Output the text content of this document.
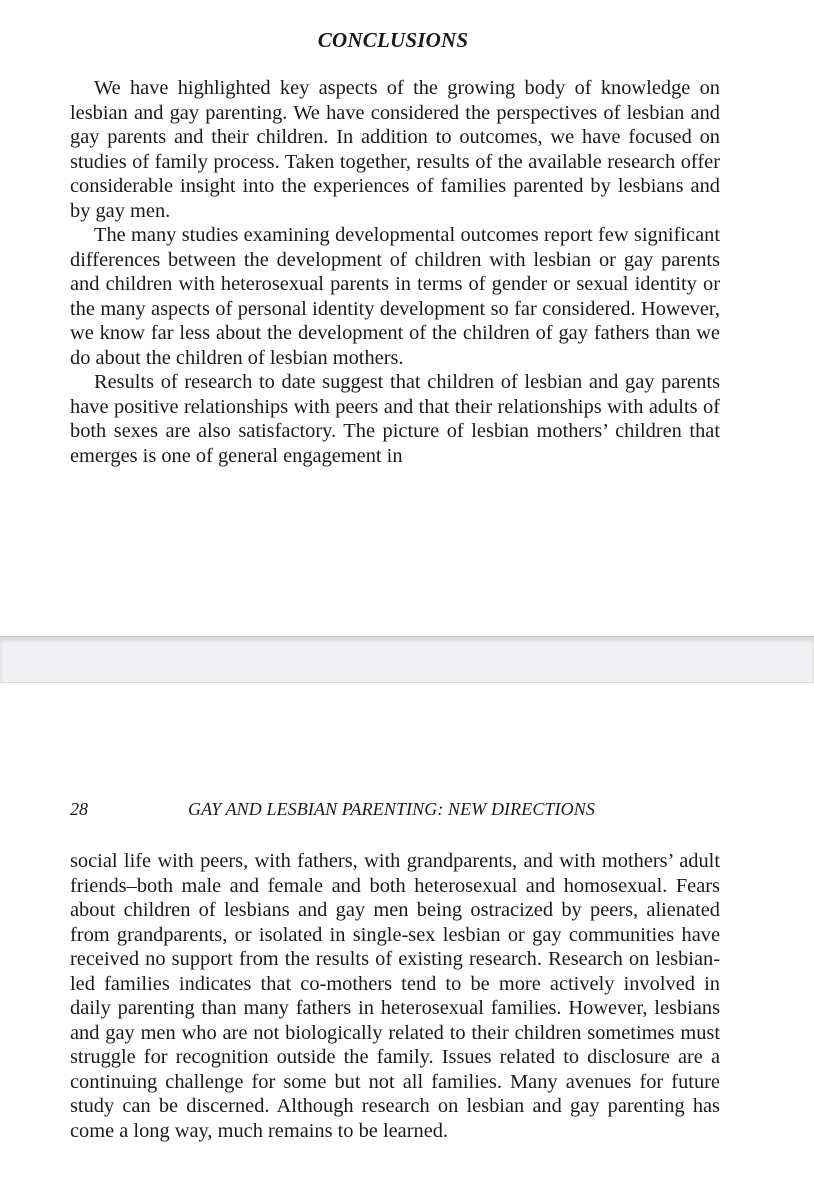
CONCLUSIONS

We have highlighted key aspects of the growing body of knowledge on lesbian and gay parenting. We have considered the perspectives of lesbian and gay parents and their children. In addition to outcomes, we have focused on studies of family process. Taken together, results of the available research offer considerable insight into the experiences of families parented by lesbians and by gay men.

The many studies examining developmental outcomes report few significant differences between the development of children with lesbian or gay parents and children with heterosexual parents in terms of gender or sexual identity or the many aspects of personal identity development so far considered. However, we know far less about the development of the children of gay fathers than we do about the children of lesbian mothers.

Results of research to date suggest that children of lesbian and gay parents have positive relationships with peers and that their relationships with adults of both sexes are also satisfactory. The picture of lesbian mothers’ children that emerges is one of general engagement in

28	GAY AND LESBIAN PARENTING: NEW DIRECTIONS

social life with peers, with fathers, with grandparents, and with mothers’ adult friends–both male and female and both heterosexual and homosexual. Fears about children of lesbians and gay men being ostracized by peers, alienated from grandparents, or isolated in single-sex lesbian or gay communities have received no support from the results of existing research. Research on lesbian-led families indicates that co-mothers tend to be more actively involved in daily parenting than many fathers in heterosexual families. However, lesbians and gay men who are not biologically related to their children sometimes must struggle for recognition outside the family. Issues related to disclosure are a continuing challenge for some but not all families. Many avenues for future study can be discerned. Although research on lesbian and gay parenting has come a long way, much remains to be learned.
